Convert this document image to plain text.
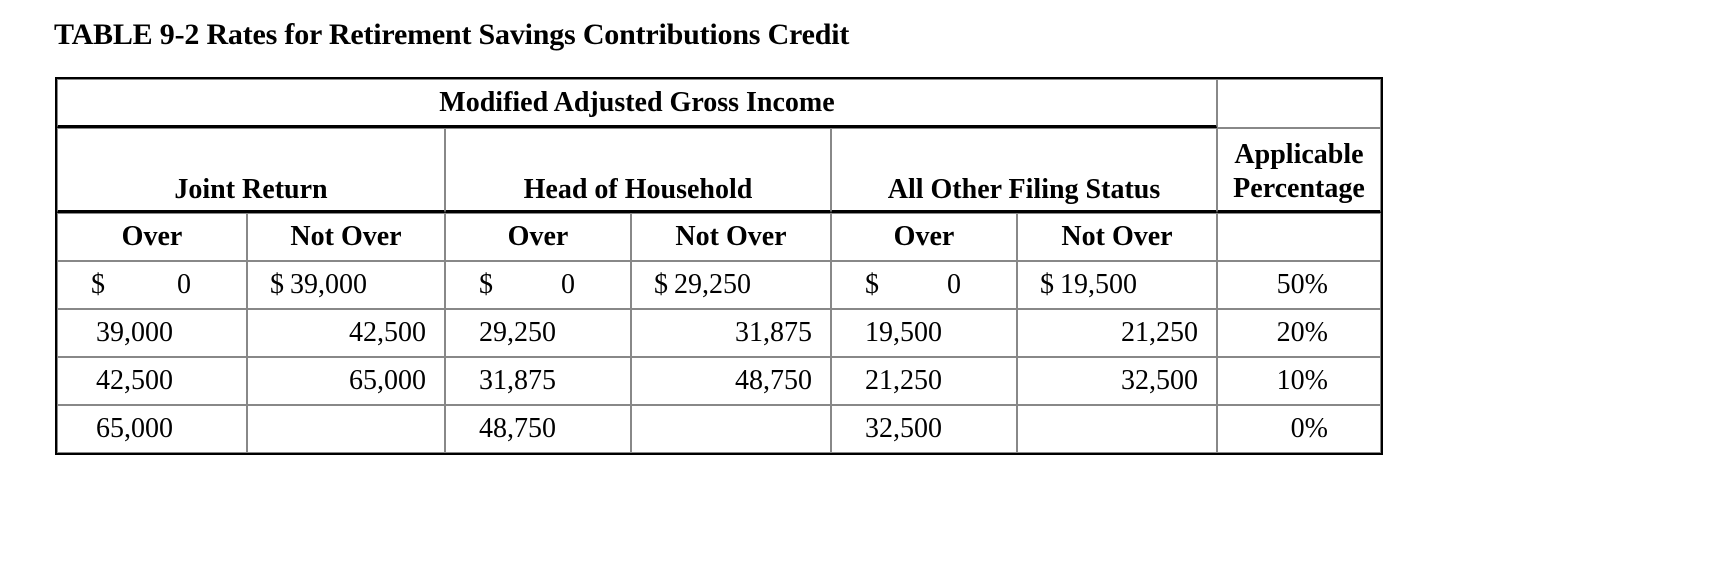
TABLE 9-2 Rates for Retirement Savings Contributions Credit
Modified Adjusted Gross Income						
Joint Return		Head of Household		All Other Filing Status		Applicable
Percentage

Over	Not Over	Over	Not Over	Over	Not Over	

$ 0	$ 39,000	$ 0	$ 29,250	$ 0	$ 19,500	50%
39,000	42,500	29,250	31,875	19,500	21,250	20%
42,500	65,000	31,875	48,750	21,250	32,500	10%
65,000		48,750		32,500		0%
